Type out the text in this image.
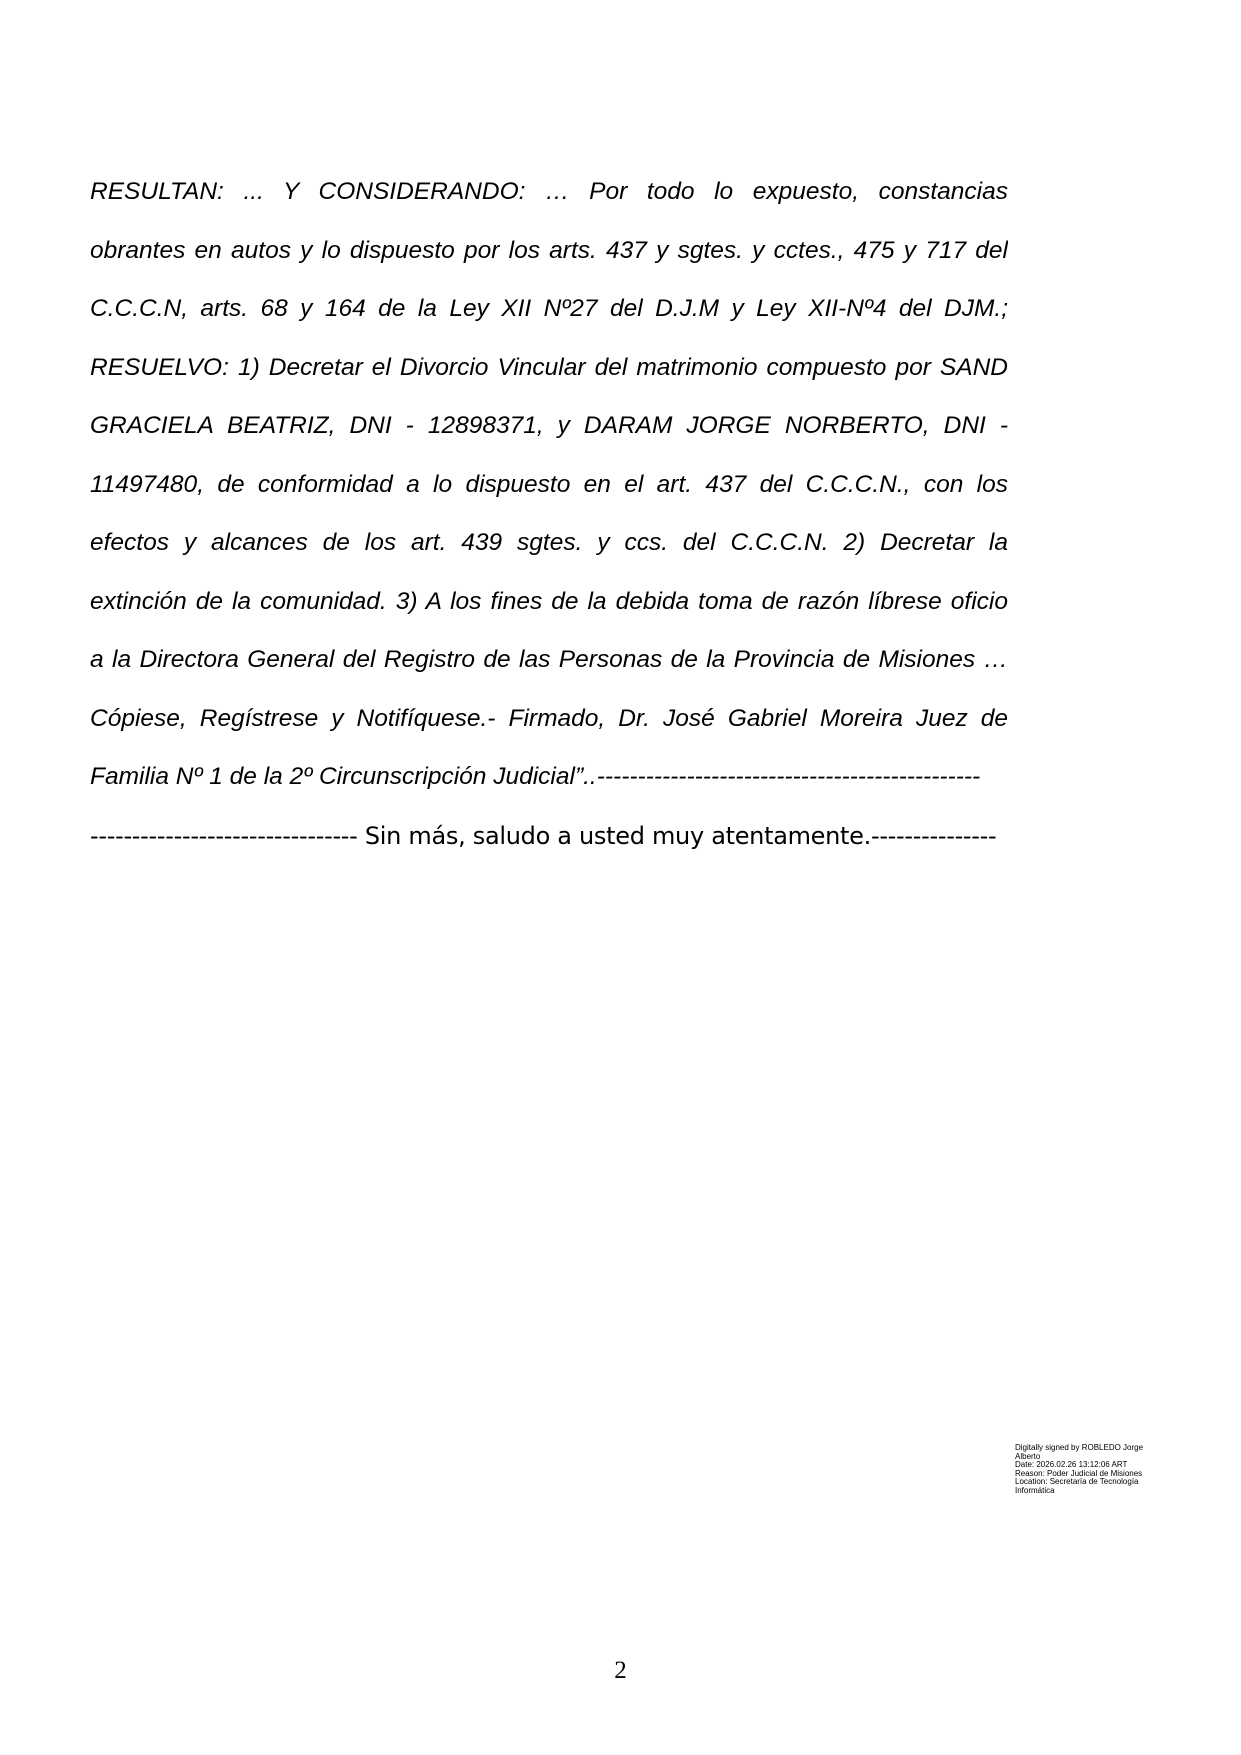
RESULTAN: ... Y CONSIDERANDO: … Por todo lo expuesto, constancias
obrantes en autos y lo dispuesto por los arts. 437 y sgtes. y cctes., 475 y 717 del
C.C.C.N, arts. 68 y 164 de la Ley XII Nº27 del D.J.M y Ley XII-Nº4 del DJM.;
RESUELVO: 1) Decretar el Divorcio Vincular del matrimonio compuesto por SAND
GRACIELA BEATRIZ, DNI - 12898371, y DARAM JORGE NORBERTO, DNI -
11497480, de conformidad a lo dispuesto en el art. 437 del C.C.C.N., con los
efectos y alcances de los art. 439 sgtes. y ccs. del C.C.C.N. 2) Decretar la
extinción de la comunidad. 3) A los fines de la debida toma de razón líbrese oficio
a la Directora General del Registro de las Personas de la Provincia de Misiones …
Cópiese, Regístrese y Notifíquese.- Firmado, Dr. José Gabriel Moreira Juez de
Familia Nº 1 de la 2º Circunscripción Judicial”..-----------------------------------------------
-------------------------------- Sin más, saludo a usted muy atentamente.---------------
Digitally signed by ROBLEDO Jorge
Alberto
Date: 2026.02.26 13:12:06 ART
Reason: Poder Judicial de Misiones
Location: Secretaría de Tecnología
Informática
2
